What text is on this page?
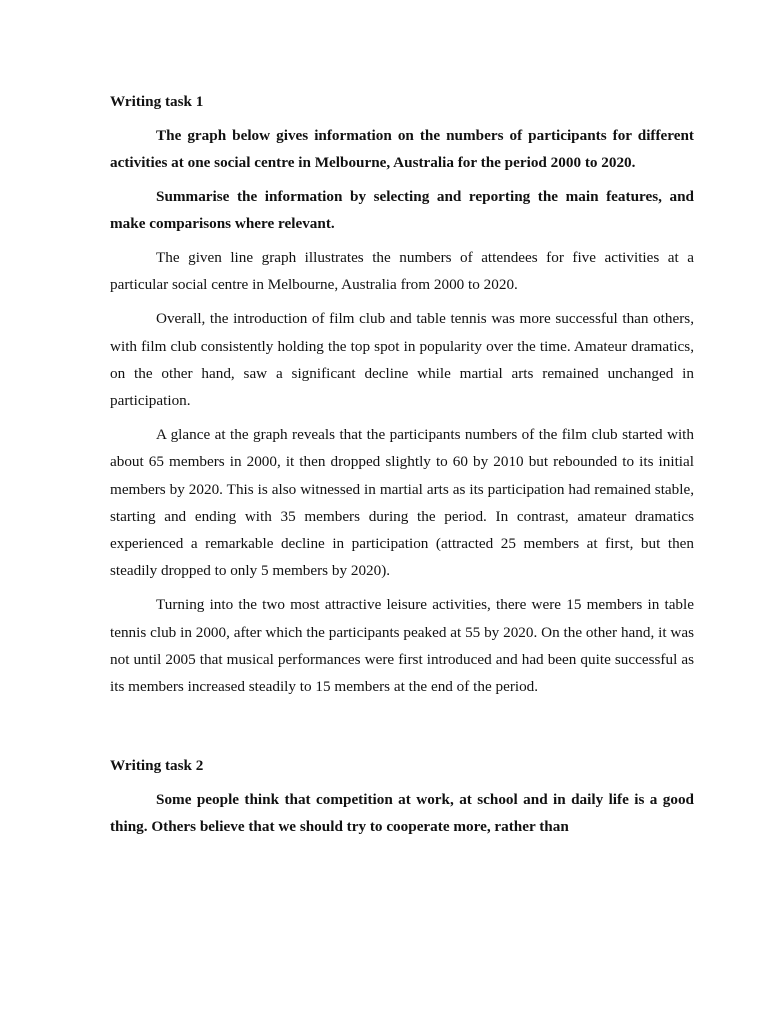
Writing task 1

The graph below gives information on the numbers of participants for different activities at one social centre in Melbourne, Australia for the period 2000 to 2020.

Summarise the information by selecting and reporting the main features, and make comparisons where relevant.

The given line graph illustrates the numbers of attendees for five activities at a particular social centre in Melbourne, Australia from 2000 to 2020.

Overall, the introduction of film club and table tennis was more successful than others, with film club consistently holding the top spot in popularity over the time. Amateur dramatics, on the other hand, saw a significant decline while martial arts remained unchanged in participation.

A glance at the graph reveals that the participants numbers of the film club started with about 65 members in 2000, it then dropped slightly to 60 by 2010 but rebounded to its initial members by 2020. This is also witnessed in martial arts as its participation had remained stable, starting and ending with 35 members during the period. In contrast, amateur dramatics experienced a remarkable decline in participation (attracted 25 members at first, but then steadily dropped to only 5 members by 2020).

Turning into the two most attractive leisure activities, there were 15 members in table tennis club in 2000, after which the participants peaked at 55 by 2020. On the other hand, it was not until 2005 that musical performances were first introduced and had been quite successful as its members increased steadily to 15 members at the end of the period.

Writing task 2

Some people think that competition at work, at school and in daily life is a good thing. Others believe that we should try to cooperate more, rather than
